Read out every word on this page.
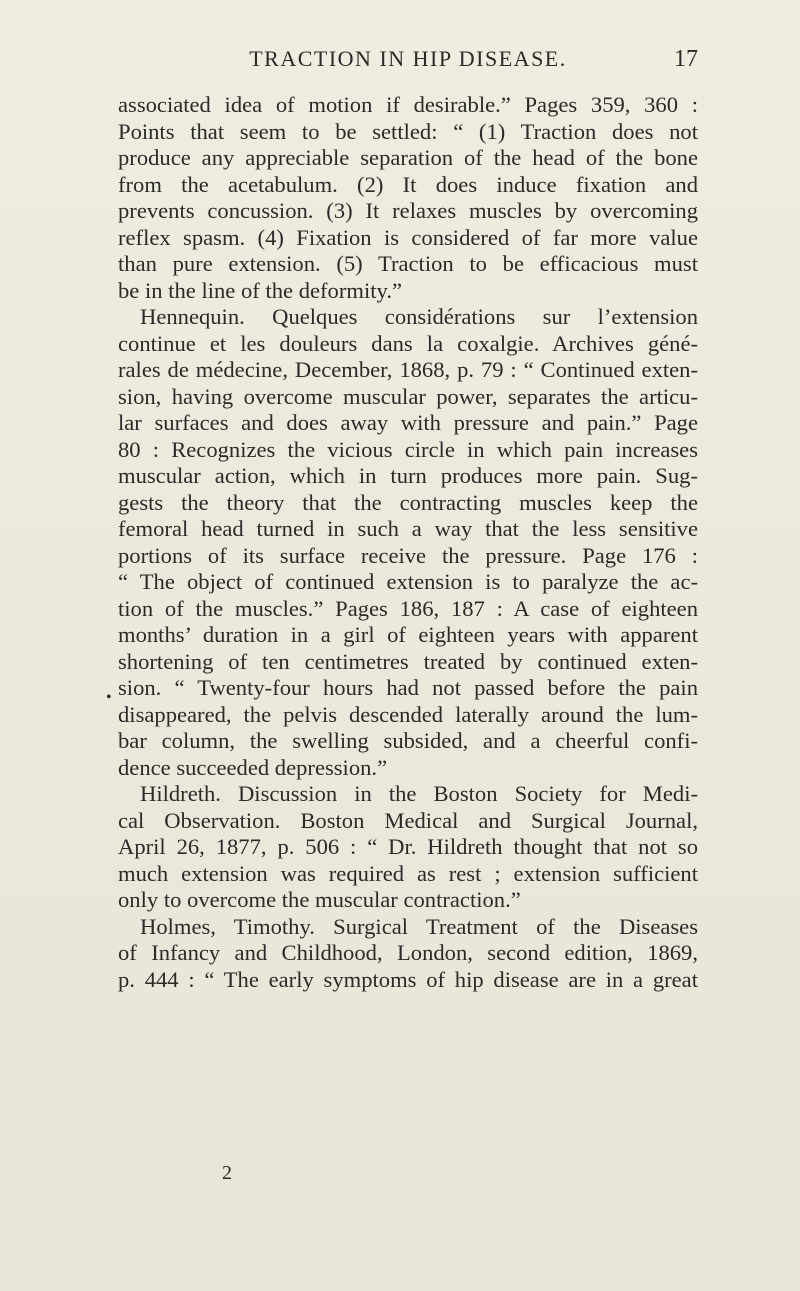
TRACTION IN HIP DISEASE.	17
•
associated idea of motion if desirable.” Pages 359, 360 :
Points that seem to be settled: “ (1) Traction does not
produce any appreciable separation of the head of the bone
from the acetabulum. (2) It does induce fixation and
prevents concussion. (3) It relaxes muscles by overcoming
reflex spasm. (4) Fixation is considered of far more value
than pure extension. (5) Traction to be efficacious must
be in the line of the deformity.”
Hennequin. Quelques considérations sur l’extension
continue et les douleurs dans la coxalgie. Archives géné-
rales de médecine, December, 1868, p. 79 : “ Continued exten-
sion, having overcome muscular power, separates the articu-
lar surfaces and does away with pressure and pain.” Page
80 : Recognizes the vicious circle in which pain increases
muscular action, which in turn produces more pain. Sug-
gests the theory that the contracting muscles keep the
femoral head turned in such a way that the less sensitive
portions of its surface receive the pressure. Page 176 :
“ The object of continued extension is to paralyze the ac-
tion of the muscles.” Pages 186, 187 : A case of eighteen
months’ duration in a girl of eighteen years with apparent
shortening of ten centimetres treated by continued exten-
sion. “ Twenty-four hours had not passed before the pain
disappeared, the pelvis descended laterally around the lum-
bar column, the swelling subsided, and a cheerful confi-
dence succeeded depression.”
Hildreth. Discussion in the Boston Society for Medi-
cal Observation. Boston Medical and Surgical Journal,
April 26, 1877, p. 506 : “ Dr. Hildreth thought that not so
much extension was required as rest ; extension sufficient
only to overcome the muscular contraction.”
Holmes, Timothy. Surgical Treatment of the Diseases
of Infancy and Childhood, London, second edition, 1869,
p. 444 : “ The early symptoms of hip disease are in a great
2
